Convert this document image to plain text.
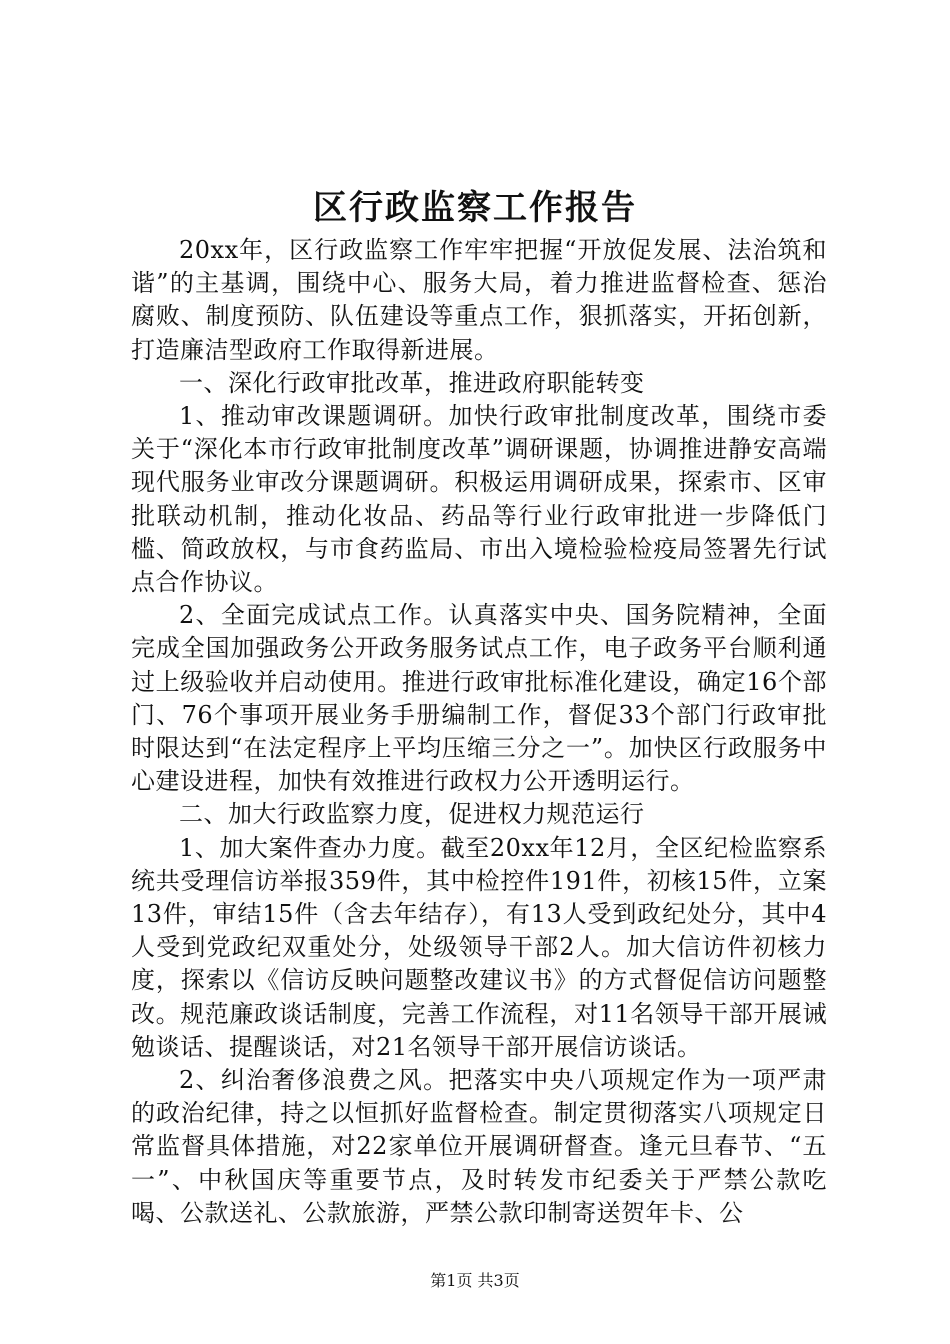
区行政监察工作报告

20xx年，区行政监察工作牢牢把握“开放促发展、法治筑和谐”的主基调，围绕中心、服务大局，着力推进监督检查、惩治腐败、制度预防、队伍建设等重点工作，狠抓落实，开拓创新，打造廉洁型政府工作取得新进展。

一、深化行政审批改革，推进政府职能转变

1、推动审改课题调研。加快行政审批制度改革，围绕市委关于“深化本市行政审批制度改革”调研课题，协调推进静安高端现代服务业审改分课题调研。积极运用调研成果，探索市、区审批联动机制，推动化妆品、药品等行业行政审批进一步降低门槛、简政放权，与市食药监局、市出入境检验检疫局签署先行试点合作协议。

2、全面完成试点工作。认真落实中央、国务院精神，全面完成全国加强政务公开政务服务试点工作，电子政务平台顺利通过上级验收并启动使用。推进行政审批标准化建设，确定16个部门、76个事项开展业务手册编制工作，督促33个部门行政审批时限达到“在法定程序上平均压缩三分之一”。加快区行政服务中心建设进程，加快有效推进行政权力公开透明运行。

二、加大行政监察力度，促进权力规范运行

1、加大案件查办力度。截至20xx年12月，全区纪检监察系统共受理信访举报359件，其中检控件191件，初核15件，立案13件，审结15件（含去年结存），有13人受到政纪处分，其中4人受到党政纪双重处分，处级领导干部2人。加大信访件初核力度，探索以《信访反映问题整改建议书》的方式督促信访问题整改。规范廉政谈话制度，完善工作流程，对11名领导干部开展诫勉谈话、提醒谈话，对21名领导干部开展信访谈话。

2、纠治奢侈浪费之风。把落实中央八项规定作为一项严肃的政治纪律，持之以恒抓好监督检查。制定贯彻落实八项规定日常监督具体措施，对22家单位开展调研督查。逢元旦春节、“五一”、中秋国庆等重要节点，及时转发市纪委关于严禁公款吃喝、公款送礼、公款旅游，严禁公款印制寄送贺年卡、公

第1页 共3页
